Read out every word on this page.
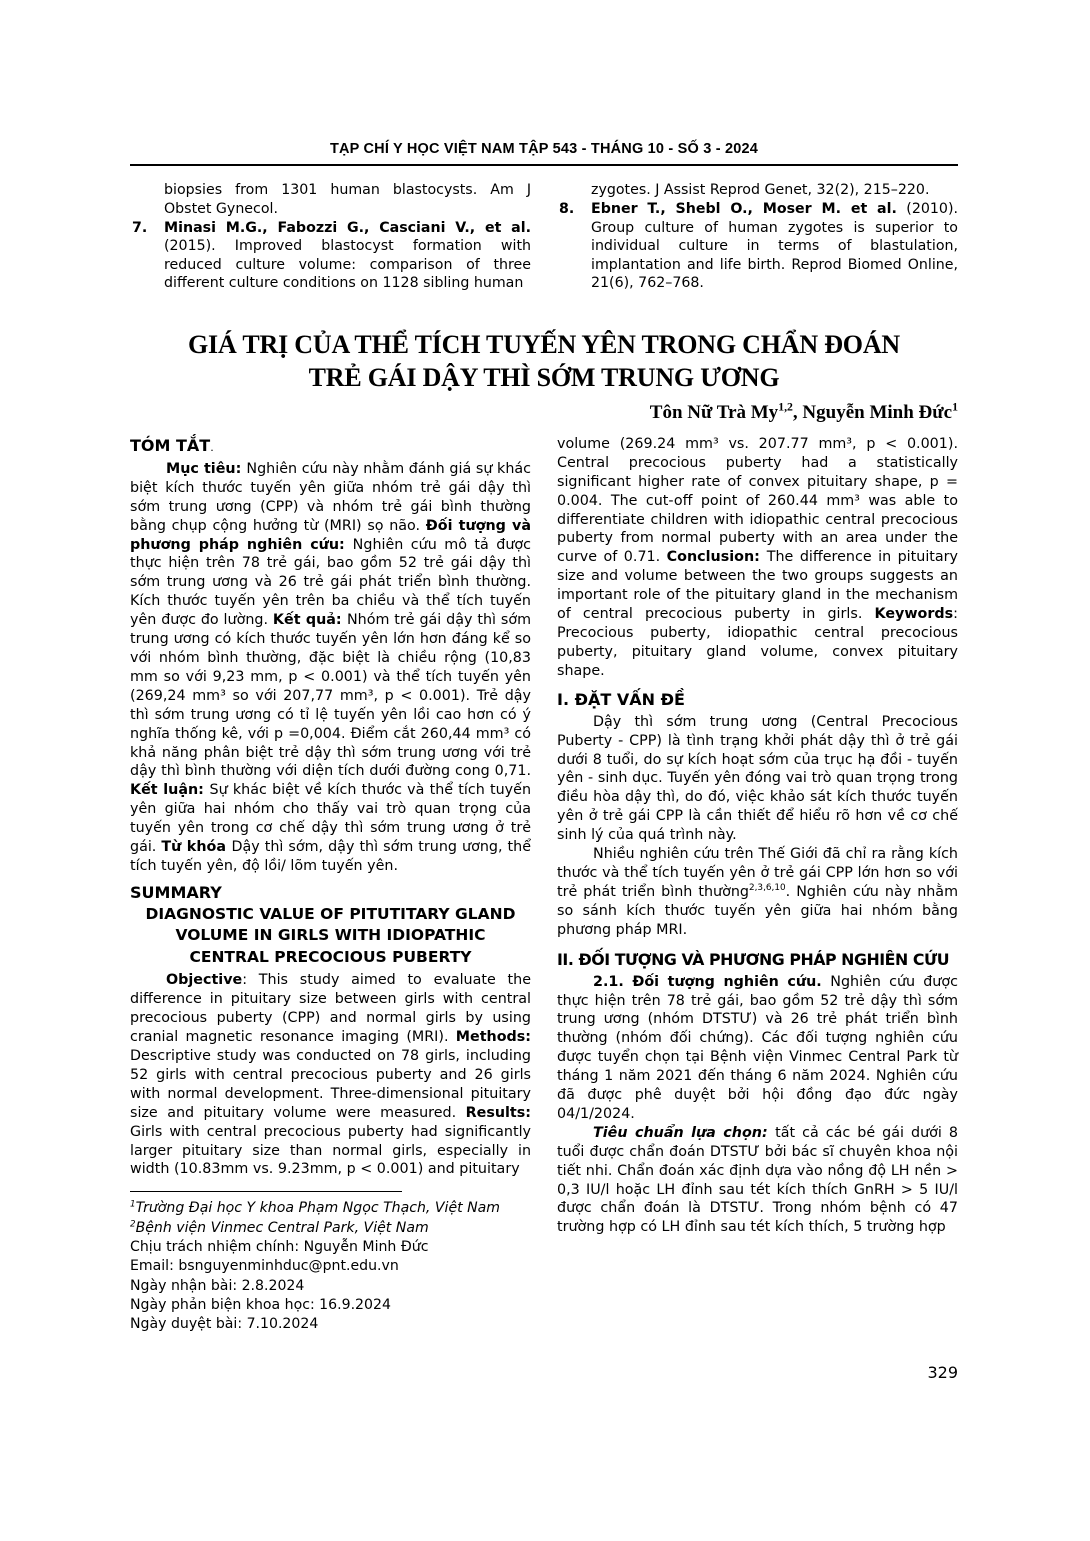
TẠP CHÍ Y HỌC VIỆT NAM TẬP 543 - THÁNG 10 - SỐ 3 - 2024
biopsies from 1301 human blastocysts. Am J Obstet Gynecol.
7. Minasi M.G., Fabozzi G., Casciani V., et al. (2015). Improved blastocyst formation with reduced culture volume: comparison of three different culture conditions on 1128 sibling human
zygotes. J Assist Reprod Genet, 32(2), 215–220.
8. Ebner T., Shebl O., Moser M. et al. (2010). Group culture of human zygotes is superior to individual culture in terms of blastulation, implantation and life birth. Reprod Biomed Online, 21(6), 762–768.
GIÁ TRỊ CỦA THỂ TÍCH TUYẾN YÊN TRONG CHẨN ĐOÁN
TRẺ GÁI DẬY THÌ SỚM TRUNG ƯƠNG
Tôn Nữ Trà My$^{1,2}$, Nguyễn Minh Đức$^1$
TÓM TẮT.

Mục tiêu: Nghiên cứu này nhằm đánh giá sự khác biệt kích thước tuyến yên giữa nhóm trẻ gái dậy thì sớm trung ương (CPP) và nhóm trẻ gái bình thường bằng chụp cộng hưởng từ (MRI) sọ não. Đối tượng và phương pháp nghiên cứu: Nghiên cứu mô tả được thực hiện trên 78 trẻ gái, bao gồm 52 trẻ gái dậy thì sớm trung ương và 26 trẻ gái phát triển bình thường. Kích thước tuyến yên trên ba chiều và thể tích tuyến yên được đo lường. Kết quả: Nhóm trẻ gái dậy thì sớm trung ương có kích thước tuyến yên lớn hơn đáng kể so với nhóm bình thường, đặc biệt là chiều rộng (10,83 mm so với 9,23 mm, p < 0.001) và thể tích tuyến yên (269,24 mm³ so với 207,77 mm³, p < 0.001). Trẻ dậy thì sớm trung ương có tỉ lệ tuyến yên lồi cao hơn có ý nghĩa thống kê, với p =0,004. Điểm cắt 260,44 mm³ có khả năng phân biệt trẻ dậy thì sớm trung ương với trẻ dậy thì bình thường với diện tích dưới đường cong 0,71. Kết luận: Sự khác biệt về kích thước và thể tích tuyến yên giữa hai nhóm cho thấy vai trò quan trọng của tuyến yên trong cơ chế dậy thì sớm trung ương ở trẻ gái. Từ khóa Dậy thì sớm, dậy thì sớm trung ương, thể tích tuyến yên, độ lồi/ lõm tuyến yên.

SUMMARY
DIAGNOSTIC VALUE OF PITUTITARY GLAND
VOLUME IN GIRLS WITH IDIOPATHIC
CENTRAL PRECOCIOUS PUBERTY

Objective: This study aimed to evaluate the difference in pituitary size between girls with central precocious puberty (CPP) and normal girls by using cranial magnetic resonance imaging (MRI). Methods: Descriptive study was conducted on 78 girls, including 52 girls with central precocious puberty and 26 girls with normal development. Three-dimensional pituitary size and pituitary volume were measured. Results: Girls with central precocious puberty had significantly larger pituitary size than normal girls, especially in width (10.83mm vs. 9.23mm, p < 0.001) and pituitary

$^1$Trường Đại học Y khoa Phạm Ngọc Thạch, Việt Nam
$^2$Bệnh viện Vinmec Central Park, Việt Nam
Chịu trách nhiệm chính: Nguyễn Minh Đức
Email: bsnguyenminhduc@pnt.edu.vn
Ngày nhận bài: 2.8.2024
Ngày phản biện khoa học: 16.9.2024
Ngày duyệt bài: 7.10.2024

volume (269.24 mm³ vs. 207.77 mm³, p < 0.001). Central precocious puberty had a statistically significant higher rate of convex pituitary shape, p = 0.004. The cut-off point of 260.44 mm³ was able to differentiate children with idiopathic central precocious puberty from normal puberty with an area under the curve of 0.71. Conclusion: The difference in pituitary size and volume between the two groups suggests an important role of the pituitary gland in the mechanism of central precocious puberty in girls. Keywords: Precocious puberty, idiopathic central precocious puberty, pituitary gland volume, convex pituitary shape.

I. ĐẶT VẤN ĐỀ

Dậy thì sớm trung ương (Central Precocious Puberty - CPP) là tình trạng khởi phát dậy thì ở trẻ gái dưới 8 tuổi, do sự kích hoạt sớm của trục hạ đồi - tuyến yên - sinh dục. Tuyến yên đóng vai trò quan trọng trong điều hòa dậy thì, do đó, việc khảo sát kích thước tuyến yên ở trẻ gái CPP là cần thiết để hiểu rõ hơn về cơ chế sinh lý của quá trình này.

Nhiều nghiên cứu trên Thế Giới đã chỉ ra rằng kích thước và thể tích tuyến yên ở trẻ gái CPP lớn hơn so với trẻ phát triển bình thường$^{2,3,6,10}$. Nghiên cứu này nhằm so sánh kích thước tuyến yên giữa hai nhóm bằng phương pháp MRI.

II. ĐỐI TƯỢNG VÀ PHƯƠNG PHÁP NGHIÊN CỨU

2.1. Đối tượng nghiên cứu. Nghiên cứu được thực hiện trên 78 trẻ gái, bao gồm 52 trẻ dậy thì sớm trung ương (nhóm DTSTƯ) và 26 trẻ phát triển bình thường (nhóm đối chứng). Các đối tượng nghiên cứu được tuyển chọn tại Bệnh viện Vinmec Central Park từ tháng 1 năm 2021 đến tháng 6 năm 2024. Nghiên cứu đã được phê duyệt bởi hội đồng đạo đức ngày 04/1/2024.

Tiêu chuẩn lựa chọn: tất cả các bé gái dưới 8 tuổi được chẩn đoán DTSTƯ bởi bác sĩ chuyên khoa nội tiết nhi. Chẩn đoán xác định dựa vào nồng độ LH nền > 0,3 IU/l hoặc LH đỉnh sau tét kích thích GnRH > 5 IU/l được chẩn đoán là DTSTƯ. Trong nhóm bệnh có 47 trường hợp có LH đỉnh sau tét kích thích, 5 trường hợp

329
